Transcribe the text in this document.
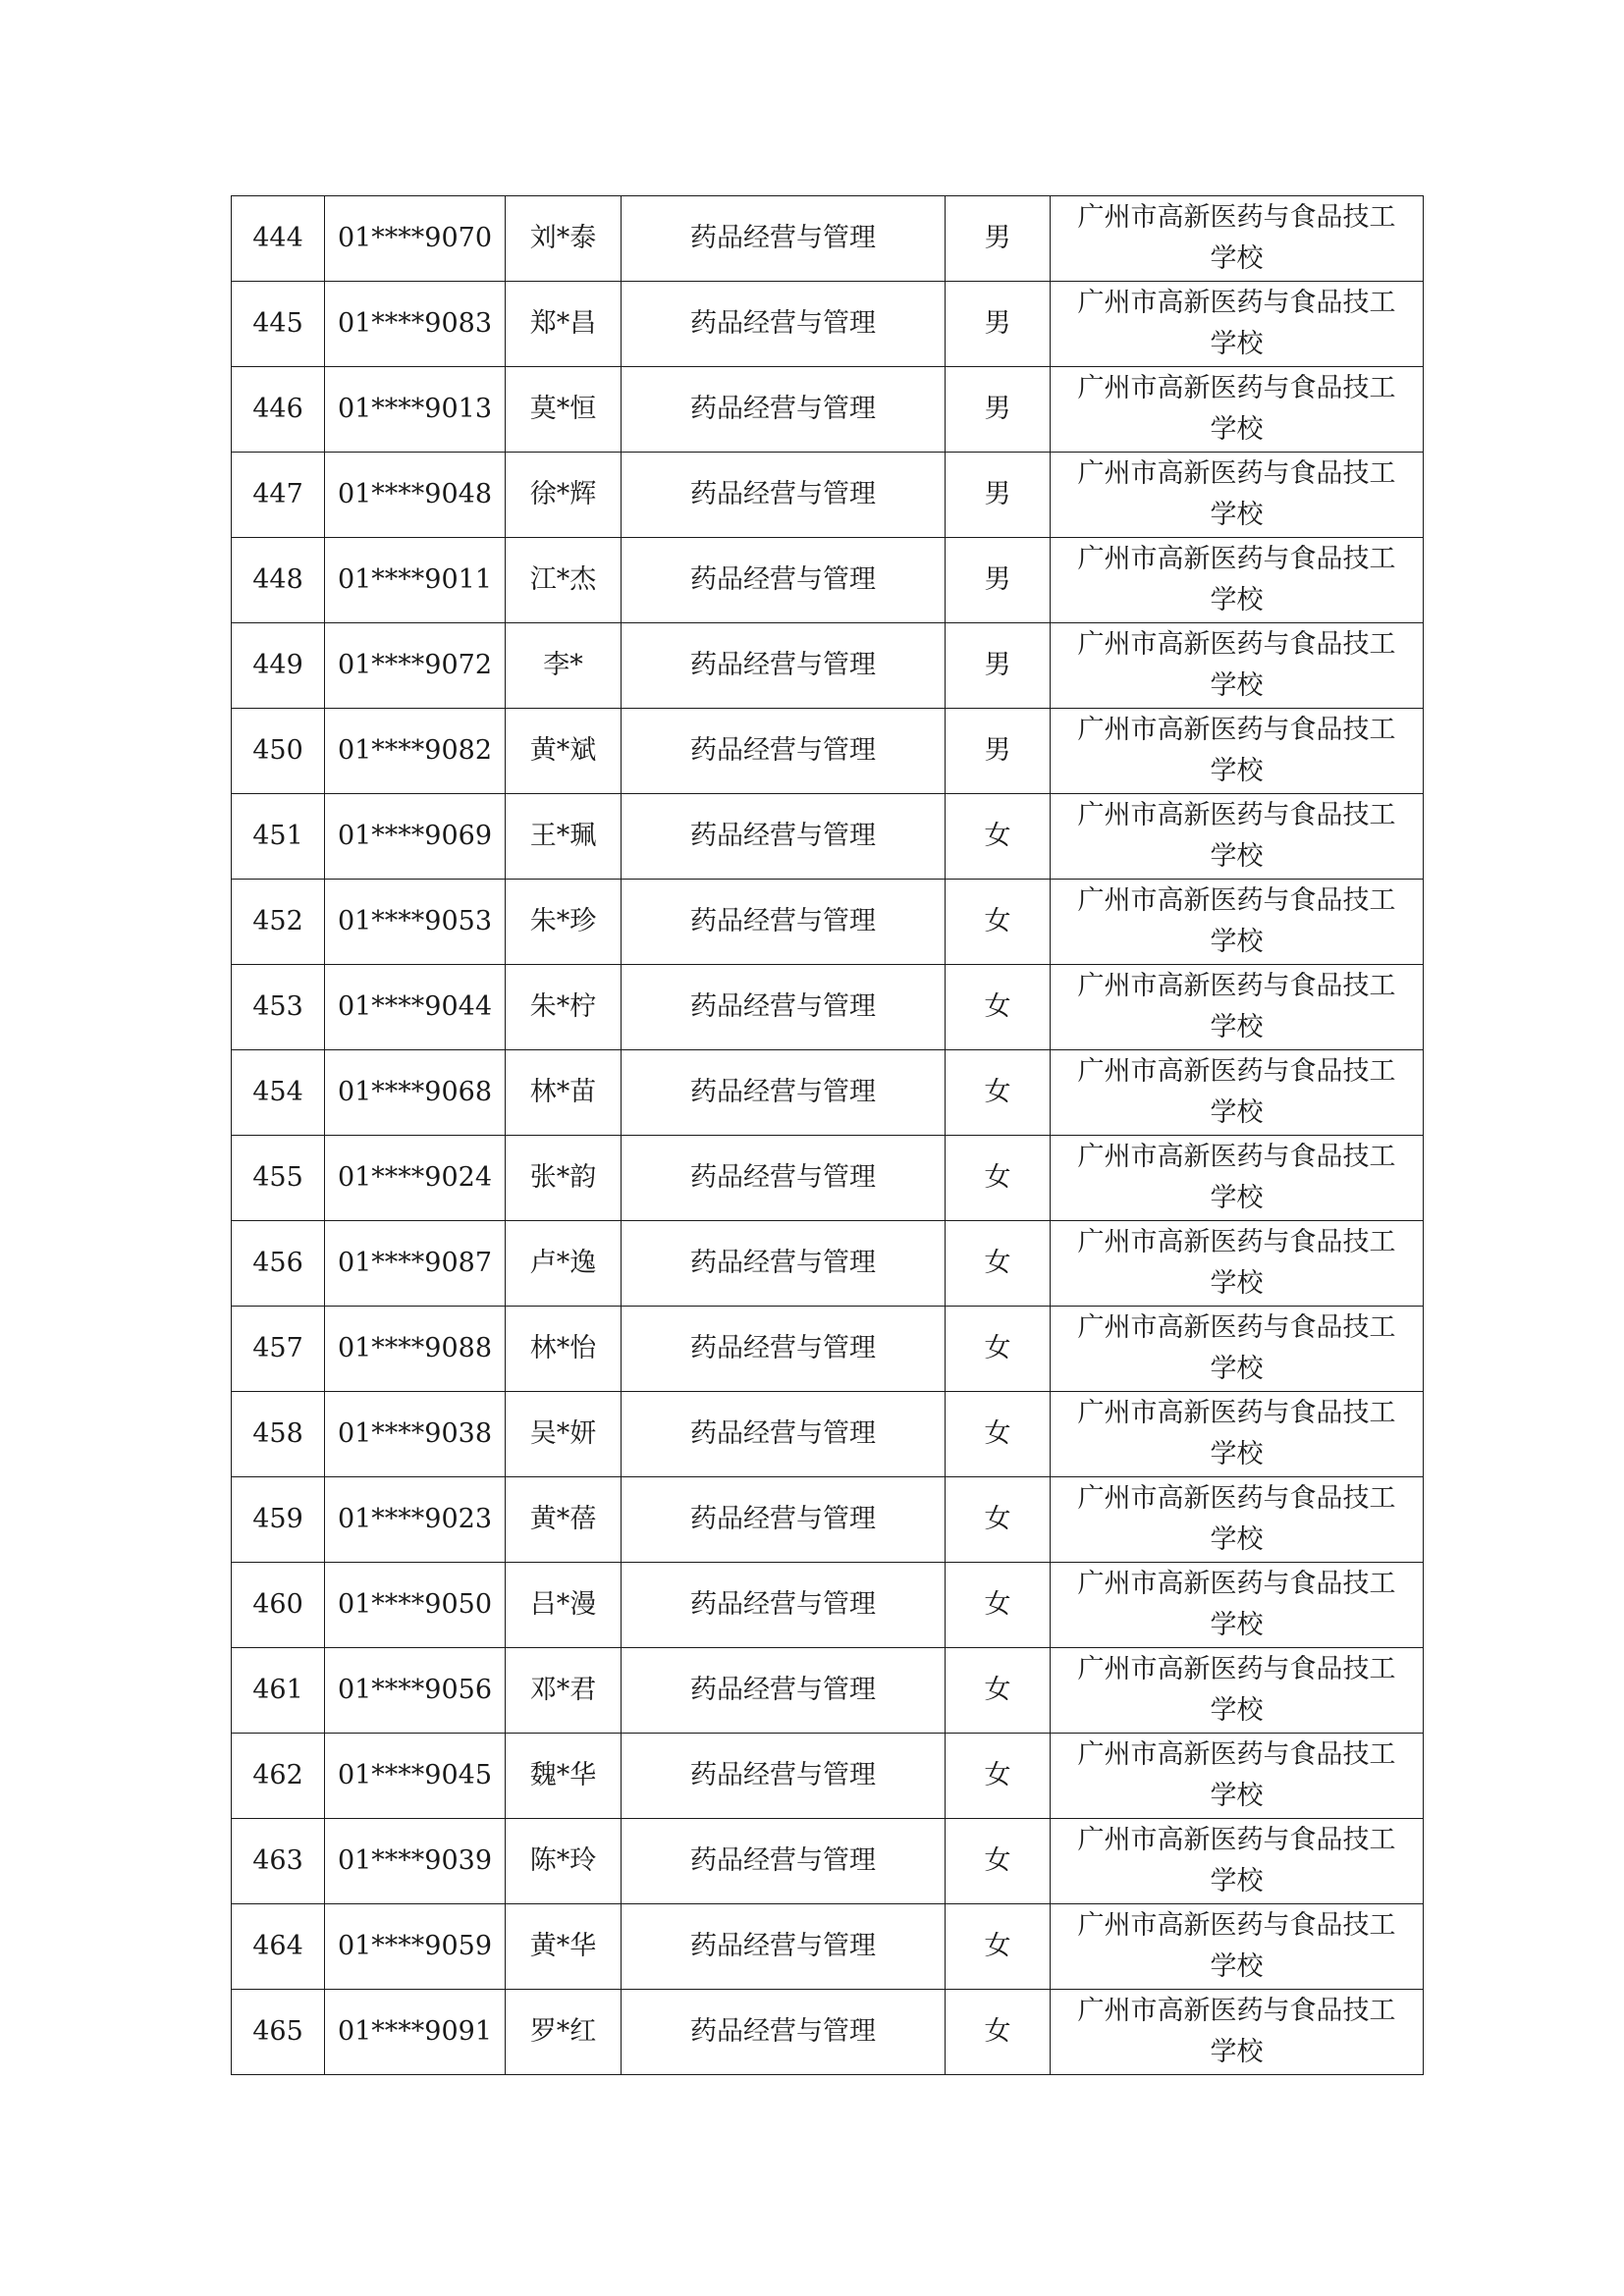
444	01****9070	刘*泰	药品经营与管理	男	广州市高新医药与食品技工
学校

445	01****9083	郑*昌	药品经营与管理	男	广州市高新医药与食品技工
学校

446	01****9013	莫*恒	药品经营与管理	男	广州市高新医药与食品技工
学校

447	01****9048	徐*辉	药品经营与管理	男	广州市高新医药与食品技工
学校

448	01****9011	江*杰	药品经营与管理	男	广州市高新医药与食品技工
学校

449	01****9072	李*	药品经营与管理	男	广州市高新医药与食品技工
学校

450	01****9082	黄*斌	药品经营与管理	男	广州市高新医药与食品技工
学校

451	01****9069	王*珮	药品经营与管理	女	广州市高新医药与食品技工
学校

452	01****9053	朱*珍	药品经营与管理	女	广州市高新医药与食品技工
学校

453	01****9044	朱*柠	药品经营与管理	女	广州市高新医药与食品技工
学校

454	01****9068	林*苗	药品经营与管理	女	广州市高新医药与食品技工
学校

455	01****9024	张*韵	药品经营与管理	女	广州市高新医药与食品技工
学校

456	01****9087	卢*逸	药品经营与管理	女	广州市高新医药与食品技工
学校

457	01****9088	林*怡	药品经营与管理	女	广州市高新医药与食品技工
学校

458	01****9038	吴*妍	药品经营与管理	女	广州市高新医药与食品技工
学校

459	01****9023	黄*蓓	药品经营与管理	女	广州市高新医药与食品技工
学校

460	01****9050	吕*漫	药品经营与管理	女	广州市高新医药与食品技工
学校

461	01****9056	邓*君	药品经营与管理	女	广州市高新医药与食品技工
学校

462	01****9045	魏*华	药品经营与管理	女	广州市高新医药与食品技工
学校

463	01****9039	陈*玲	药品经营与管理	女	广州市高新医药与食品技工
学校

464	01****9059	黄*华	药品经营与管理	女	广州市高新医药与食品技工
学校

465	01****9091	罗*红	药品经营与管理	女	广州市高新医药与食品技工
学校
